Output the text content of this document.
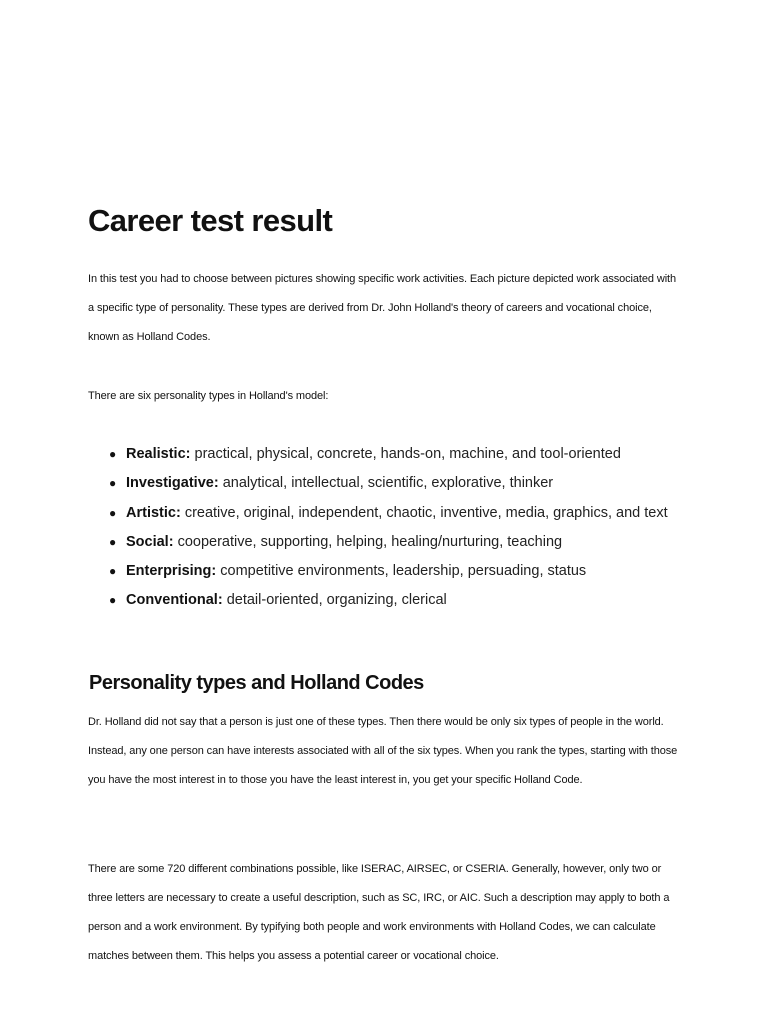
Career test result

In this test you had to choose between pictures showing specific work activities. Each picture depicted work associated with a specific type of personality. These types are derived from Dr. John Holland's theory of careers and vocational choice, known as Holland Codes.

There are six personality types in Holland's model:

● Realistic: practical, physical, concrete, hands-on, machine, and tool-oriented
● Investigative: analytical, intellectual, scientific, explorative, thinker
● Artistic: creative, original, independent, chaotic, inventive, media, graphics, and text
● Social: cooperative, supporting, helping, healing/nurturing, teaching
● Enterprising: competitive environments, leadership, persuading, status
● Conventional: detail-oriented, organizing, clerical
Personality types and Holland Codes

Dr. Holland did not say that a person is just one of these types. Then there would be only six types of people in the world. Instead, any one person can have interests associated with all of the six types. When you rank the types, starting with those you have the most interest in to those you have the least interest in, you get your specific Holland Code.

There are some 720 different combinations possible, like ISERAC, AIRSEC, or CSERIA. Generally, however, only two or three letters are necessary to create a useful description, such as SC, IRC, or AIC. Such a description may apply to both a person and a work environment. By typifying both people and work environments with Holland Codes, we can calculate matches between them. This helps you assess a potential career or vocational choice.
